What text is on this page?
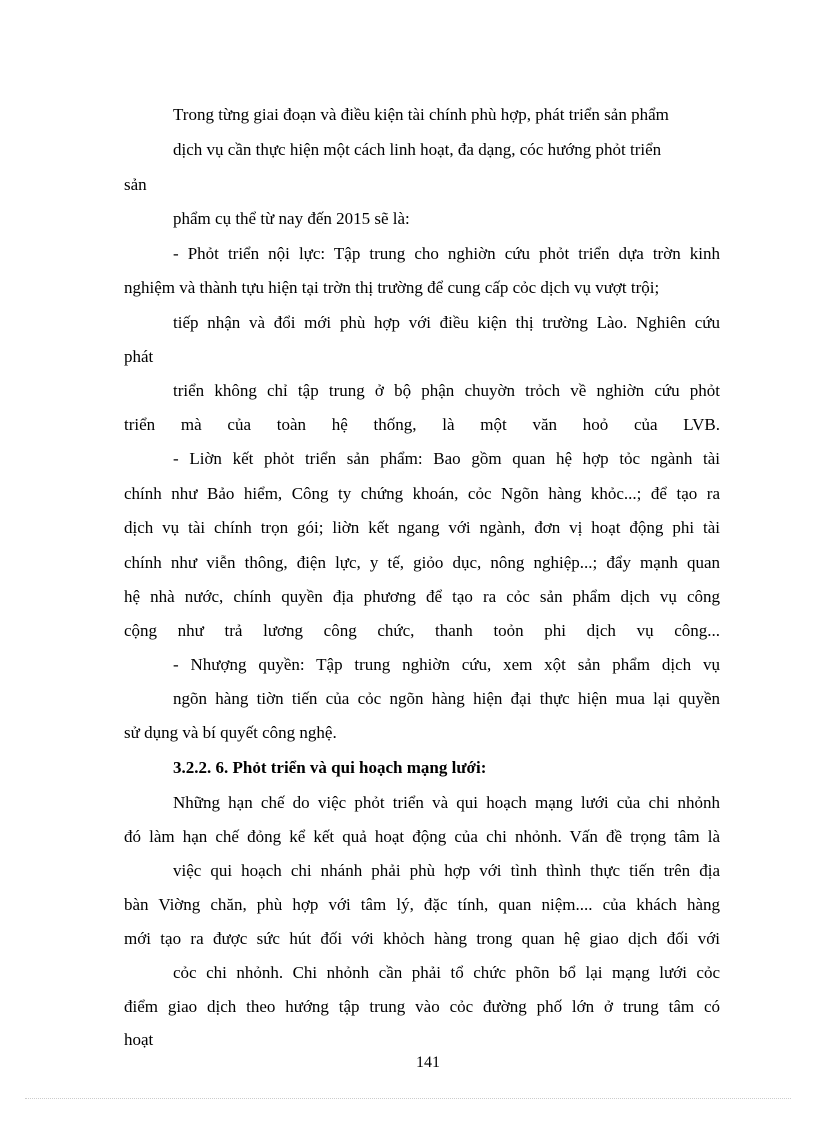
Trong từng giai đoạn và điều kiện tài chính phù hợp, phát triển sản phẩm
dịch vụ cần thực hiện một cách linh hoạt, đa dạng, cóc hướng phỏt triển
sản
phẩm cụ thể từ nay đến 2015 sẽ là:
- Phỏt triển nội lực: Tập trung cho nghiờn cứu phỏt triển dựa trờn kinh
nghiệm và thành tựu hiện tại trờn thị trường để cung cấp cỏc dịch vụ vượt trội;
tiếp nhận và đổi mới phù hợp với điều kiện thị trường Lào. Nghiên cứu
phát
triển không chỉ tập trung ở bộ phận chuyờn trỏch về nghiờn cứu phỏt
triển mà của toàn hệ thống, là một văn hoỏ của LVB.
- Liờn kết phỏt triển sản phẩm: Bao gồm quan hệ hợp tỏc ngành tài
chính như Bảo hiểm, Công ty chứng khoán, cỏc Ngõn hàng khỏc...; để tạo ra
dịch vụ tài chính trọn gói; liờn kết ngang với ngành, đơn vị hoạt động phi tài
chính như viễn thông, điện lực, y tế, giỏo dục, nông nghiệp...; đẩy mạnh quan
hệ nhà nước, chính quyền địa phương để tạo ra cỏc sản phẩm dịch vụ công
cộng như trả lương công chức, thanh toỏn phi dịch vụ công...
- Nhượng quyền: Tập trung nghiờn cứu, xem xột sản phẩm dịch vụ
ngõn hàng tiờn tiến của cỏc ngõn hàng hiện đại thực hiện mua lại quyền
sử dụng và bí quyết công nghệ.
3.2.2. 6. Phỏt triển và qui hoạch mạng lưới:
Những hạn chế do việc phỏt triển và qui hoạch mạng lưới của chi nhỏnh
đó làm hạn chế đỏng kể kết quả hoạt động của chi nhỏnh. Vấn đề trọng tâm là
việc qui hoạch chi nhánh phải phù hợp với tình thình thực tiến trên địa
bàn Viờng chăn, phù hợp với tâm lý, đặc tính, quan niệm.... của khách hàng
mới tạo ra được sức hút đối với khỏch hàng trong quan hệ giao dịch đối với
cỏc chi nhỏnh. Chi nhỏnh cần phải tổ chức phõn bổ lại mạng lưới cỏc
điểm giao dịch theo hướng tập trung vào cỏc đường phố lớn ở trung tâm có
hoạt
141
